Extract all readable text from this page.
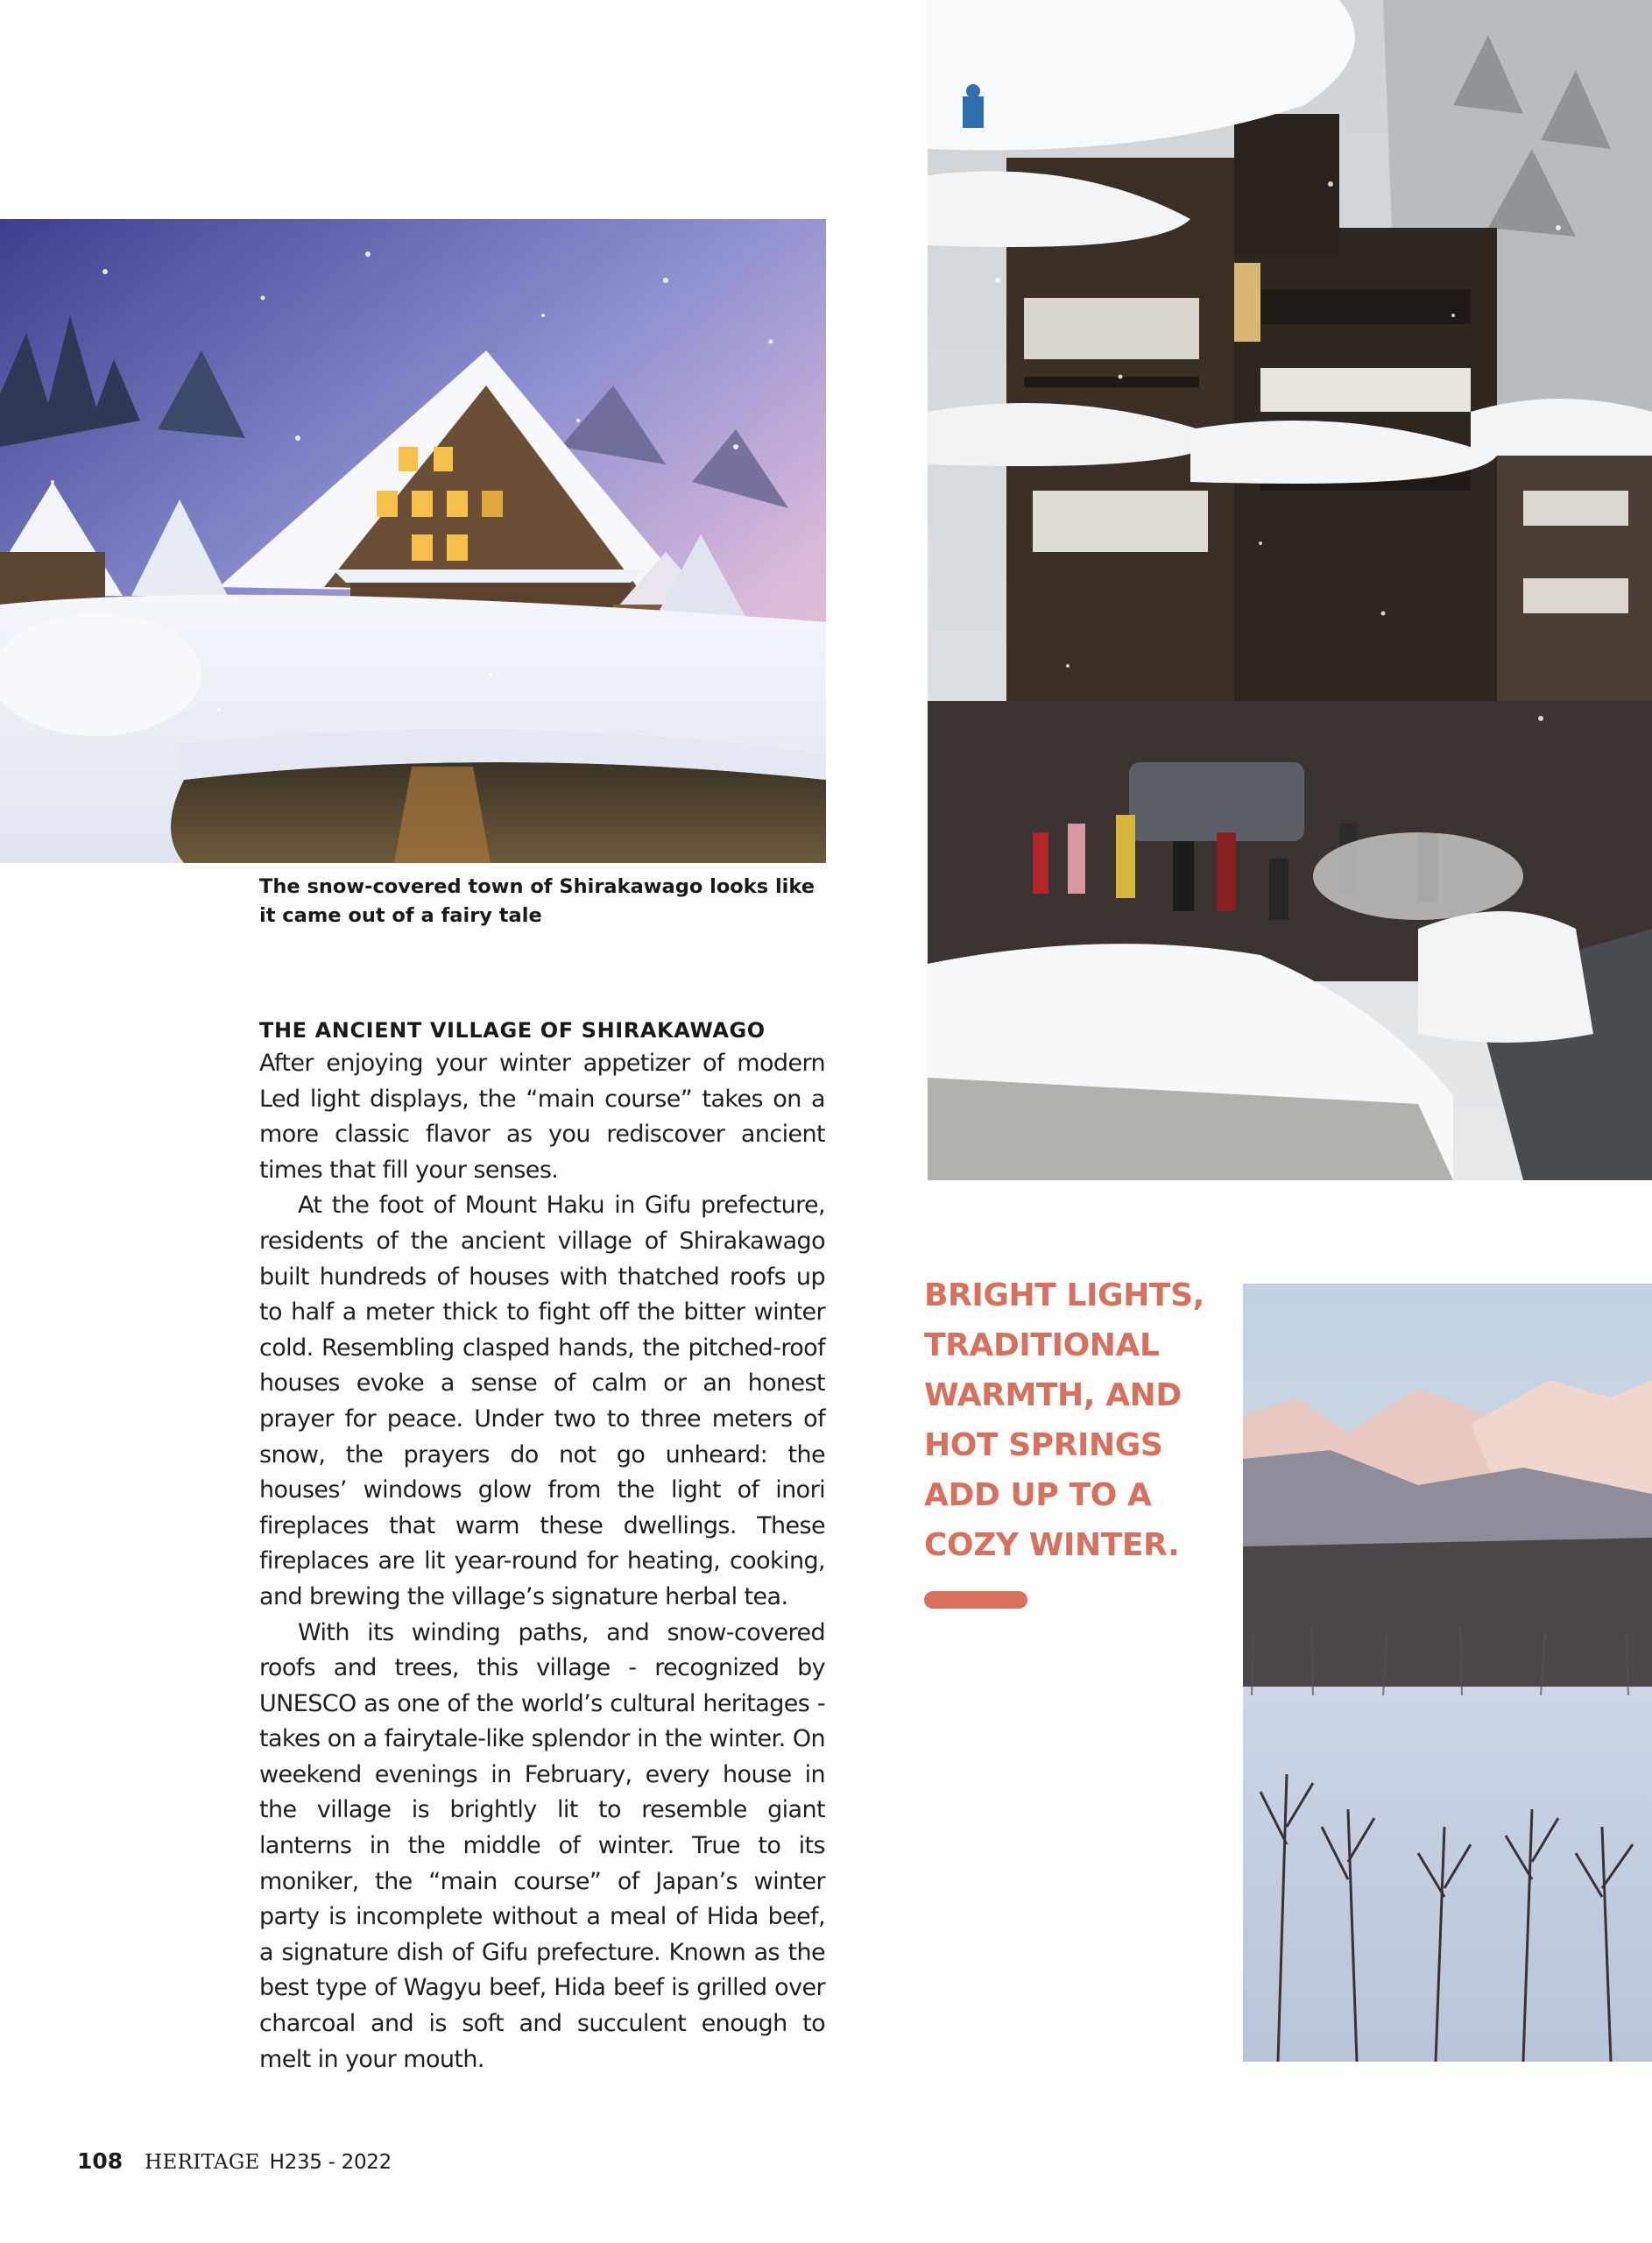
The snow-covered town of Shirakawago looks like it came out of a fairy tale
THE ANCIENT VILLAGE OF SHIRAKAWAGO

After enjoying your winter appetizer of modern Led light displays, the “main course” takes on a more classic flavor as you rediscover ancient times that fill your senses.

At the foot of Mount Haku in Gifu prefecture, residents of the ancient village of Shirakawago built hundreds of houses with thatched roofs up to half a meter thick to fight off the bitter winter cold. Resembling clasped hands, the pitched-roof houses evoke a sense of calm or an honest prayer for peace. Under two to three meters of snow, the prayers do not go unheard: the houses’ windows glow from the light of inori fireplaces that warm these dwellings. These fireplaces are lit year-round for heating, cooking, and brewing the village’s signature herbal tea.

With its winding paths, and snow-covered roofs and trees, this village - recognized by UNESCO as one of the world’s cultural heritages - takes on a fairytale-like splendor in the winter. On weekend evenings in February, every house in the village is brightly lit to resemble giant lanterns in the middle of winter. True to its moniker, the “main course” of Japan’s winter party is incomplete without a meal of Hida beef, a signature dish of Gifu prefecture. Known as the best type of Wagyu beef, Hida beef is grilled over charcoal and is soft and succulent enough to melt in your mouth.

BRIGHT LIGHTS,
TRADITIONAL
WARMTH, AND
HOT SPRINGS
ADD UP TO A
COZY WINTER.
108 HERITAGE H235 - 2022
